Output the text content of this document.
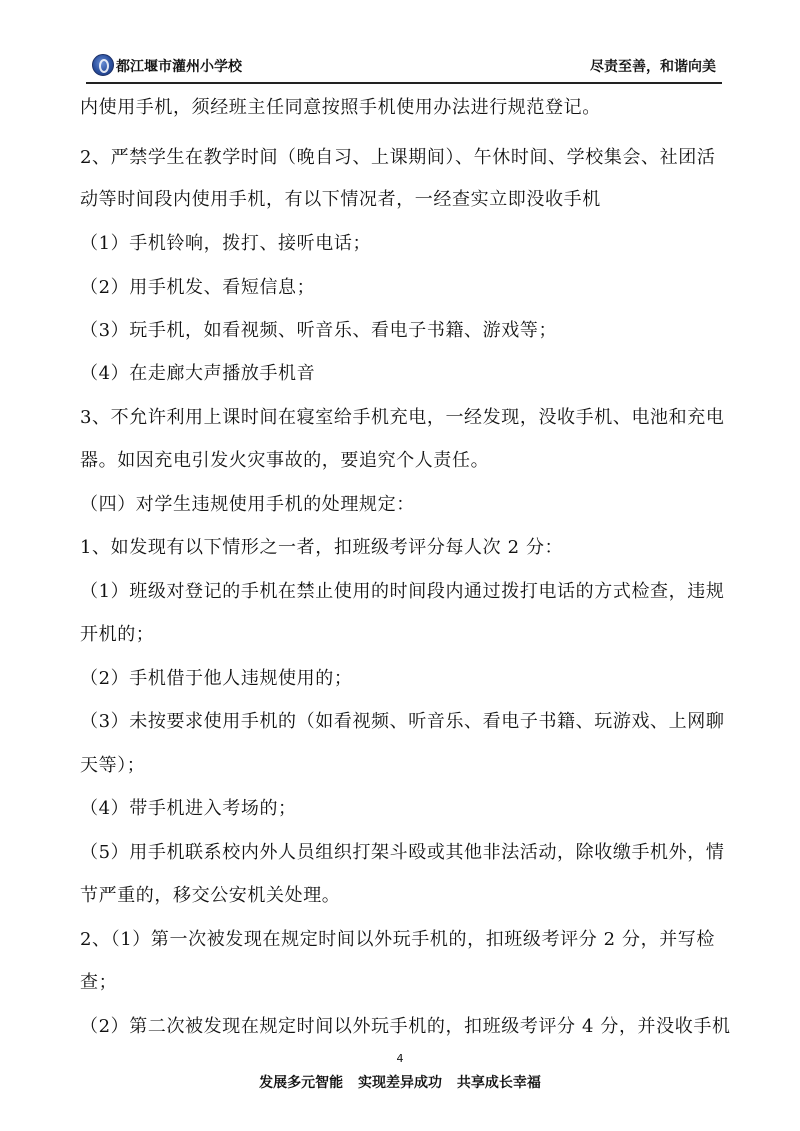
都江堰市灌州小学校	尽责至善，和谐向美
内使用手机，须经班主任同意按照手机使用办法进行规范登记。
2、严禁学生在教学时间（晚自习、上课期间）、午休时间、学校集会、社团活
动等时间段内使用手机，有以下情况者，一经查实立即没收手机
（1）手机铃响，拨打、接听电话；
（2）用手机发、看短信息；
（3）玩手机，如看视频、听音乐、看电子书籍、游戏等；
（4）在走廊大声播放手机音
3、不允许利用上课时间在寝室给手机充电，一经发现，没收手机、电池和充电
器。如因充电引发火灾事故的，要追究个人责任。
（四）对学生违规使用手机的处理规定：
1、如发现有以下情形之一者，扣班级考评分每人次 2 分：
（1）班级对登记的手机在禁止使用的时间段内通过拨打电话的方式检查，违规
开机的；
（2）手机借于他人违规使用的；
（3）未按要求使用手机的（如看视频、听音乐、看电子书籍、玩游戏、上网聊
天等）；
（4）带手机进入考场的；
（5）用手机联系校内外人员组织打架斗殴或其他非法活动，除收缴手机外，情
节严重的，移交公安机关处理。
2、（1）第一次被发现在规定时间以外玩手机的，扣班级考评分 2 分，并写检
查；
（2）第二次被发现在规定时间以外玩手机的，扣班级考评分 4 分，并没收手机
4
发展多元智能 实现差异成功 共享成长幸福
